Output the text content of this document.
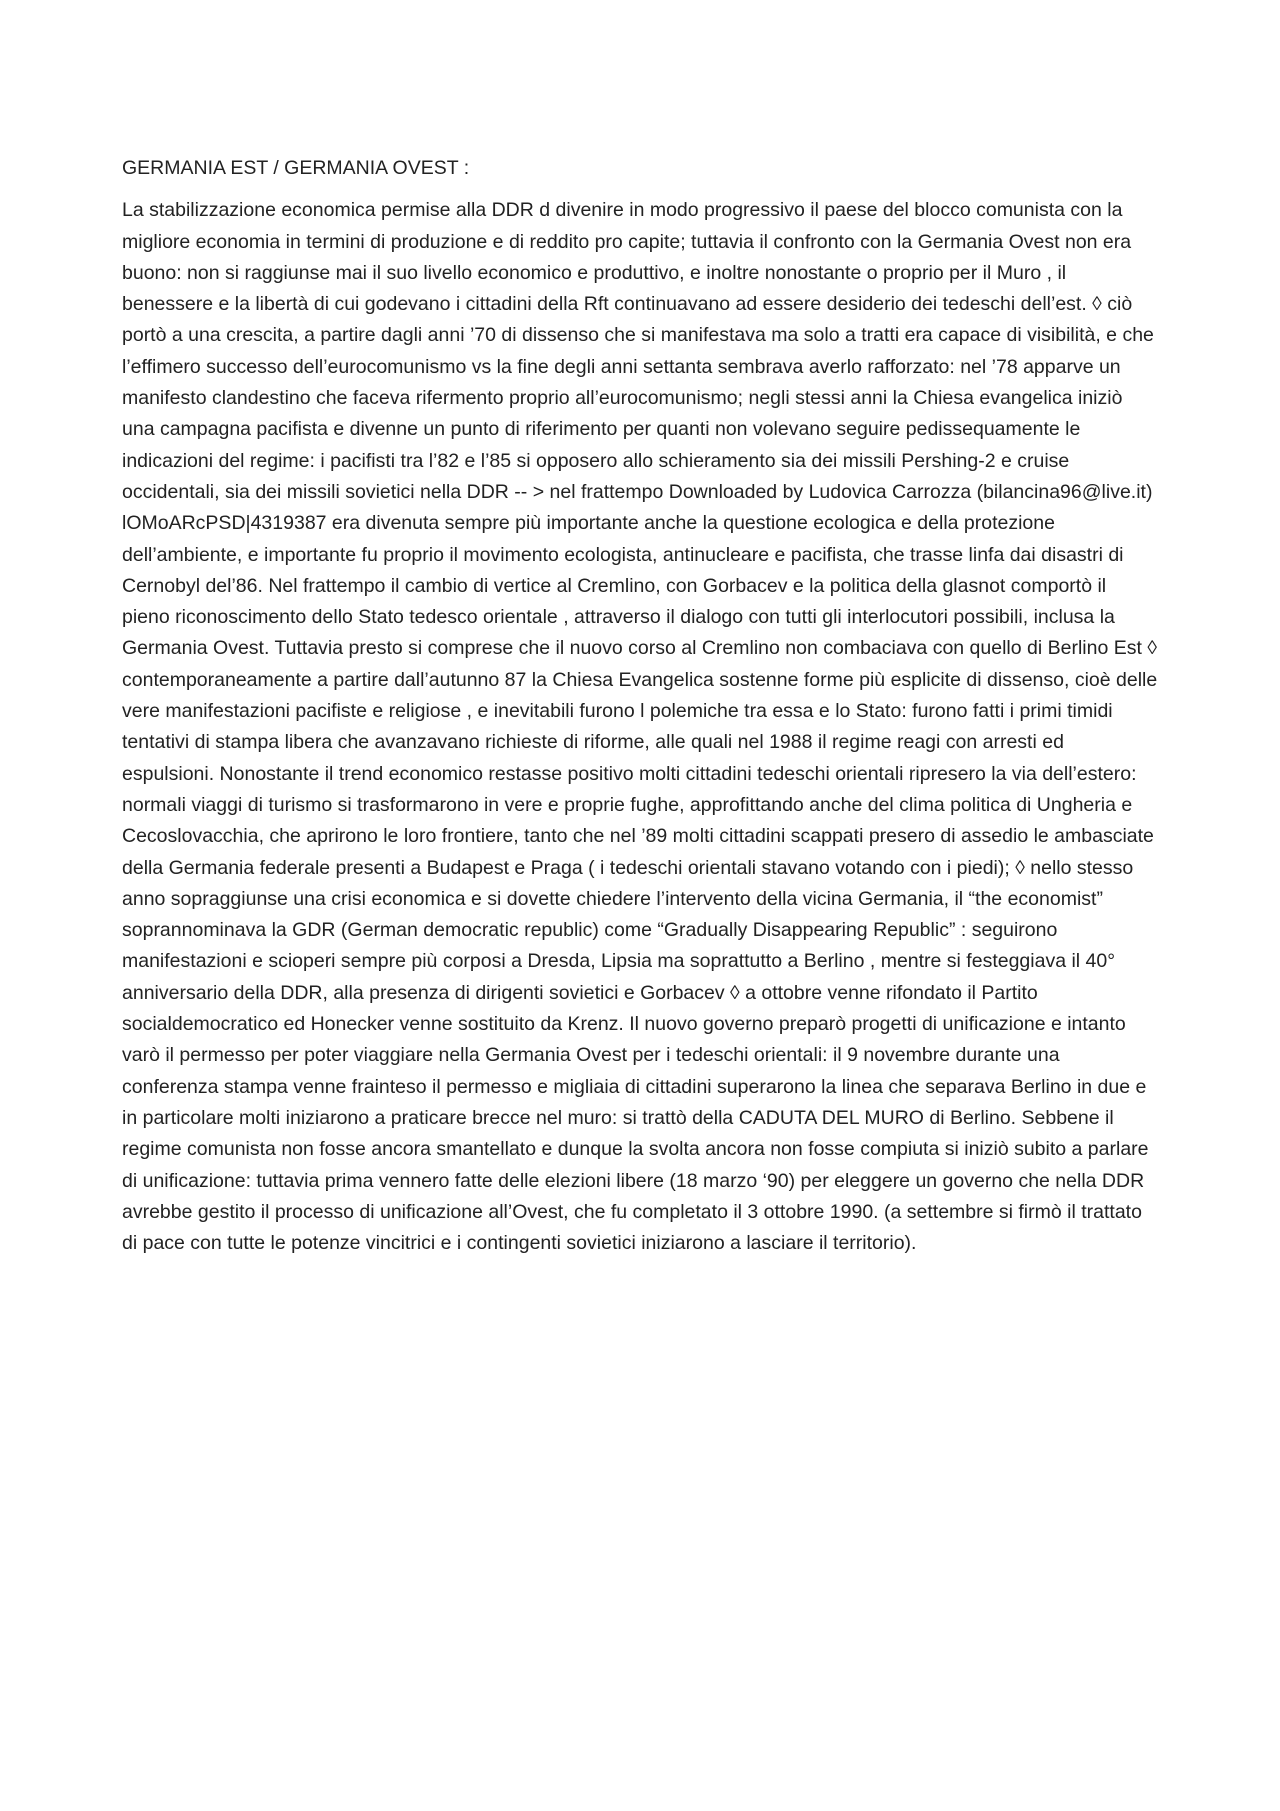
GERMANIA EST / GERMANIA OVEST :

La stabilizzazione economica permise alla DDR d divenire in modo progressivo il paese del blocco comunista con la migliore economia in termini di produzione e di reddito pro capite; tuttavia il confronto con la Germania Ovest non era buono: non si raggiunse mai il suo livello economico e produttivo, e inoltre nonostante o proprio per il Muro , il benessere e la libertà di cui godevano i cittadini della Rft continuavano ad essere desiderio dei tedeschi dell’est. ◊ ciò portò a una crescita, a partire dagli anni ’70 di dissenso che si manifestava ma solo a tratti era capace di visibilità, e che l’effimero successo dell’eurocomunismo vs la fine degli anni settanta sembrava averlo rafforzato: nel ’78 apparve un manifesto clandestino che faceva rifermento proprio all’eurocomunismo; negli stessi anni la Chiesa evangelica iniziò una campagna pacifista e divenne un punto di riferimento per quanti non volevano seguire pedissequamente le indicazioni del regime: i pacifisti tra l’82 e l’85 si opposero allo schieramento sia dei missili Pershing-2 e cruise occidentali, sia dei missili sovietici nella DDR -- > nel frattempo Downloaded by Ludovica Carrozza (bilancina96@live.it) lOMoARcPSD|4319387 era divenuta sempre più importante anche la questione ecologica e della protezione dell’ambiente, e importante fu proprio il movimento ecologista, antinucleare e pacifista, che trasse linfa dai disastri di Cernobyl del’86. Nel frattempo il cambio di vertice al Cremlino, con Gorbacev e la politica della glasnot comportò il pieno riconoscimento dello Stato tedesco orientale , attraverso il dialogo con tutti gli interlocutori possibili, inclusa la Germania Ovest. Tuttavia presto si comprese che il nuovo corso al Cremlino non combaciava con quello di Berlino Est ◊ contemporaneamente a partire dall’autunno 87 la Chiesa Evangelica sostenne forme più esplicite di dissenso, cioè delle vere manifestazioni pacifiste e religiose , e inevitabili furono l polemiche tra essa e lo Stato: furono fatti i primi timidi tentativi di stampa libera che avanzavano richieste di riforme, alle quali nel 1988 il regime reagi con arresti ed espulsioni. Nonostante il trend economico restasse positivo molti cittadini tedeschi orientali ripresero la via dell’estero: normali viaggi di turismo si trasformarono in vere e proprie fughe, approfittando anche del clima politica di Ungheria e Cecoslovacchia, che aprirono le loro frontiere, tanto che nel ’89 molti cittadini scappati presero di assedio le ambasciate della Germania federale presenti a Budapest e Praga ( i tedeschi orientali stavano votando con i piedi); ◊ nello stesso anno sopraggiunse una crisi economica e si dovette chiedere l’intervento della vicina Germania, il “the economist” soprannominava la GDR (German democratic republic) come “Gradually Disappearing Republic” : seguirono manifestazioni e scioperi sempre più corposi a Dresda, Lipsia ma soprattutto a Berlino , mentre si festeggiava il 40° anniversario della DDR, alla presenza di dirigenti sovietici e Gorbacev ◊ a ottobre venne rifondato il Partito socialdemocratico ed Honecker venne sostituito da Krenz. Il nuovo governo preparò progetti di unificazione e intanto varò il permesso per poter viaggiare nella Germania Ovest per i tedeschi orientali: il 9 novembre durante una conferenza stampa venne frainteso il permesso e migliaia di cittadini superarono la linea che separava Berlino in due e in particolare molti iniziarono a praticare brecce nel muro: si trattò della CADUTA DEL MURO di Berlino. Sebbene il regime comunista non fosse ancora smantellato e dunque la svolta ancora non fosse compiuta si iniziò subito a parlare di unificazione: tuttavia prima vennero fatte delle elezioni libere (18 marzo ‘90) per eleggere un governo che nella DDR avrebbe gestito il processo di unificazione all’Ovest, che fu completato il 3 ottobre 1990. (a settembre si firmò il trattato di pace con tutte le potenze vincitrici e i contingenti sovietici iniziarono a lasciare il territorio).
